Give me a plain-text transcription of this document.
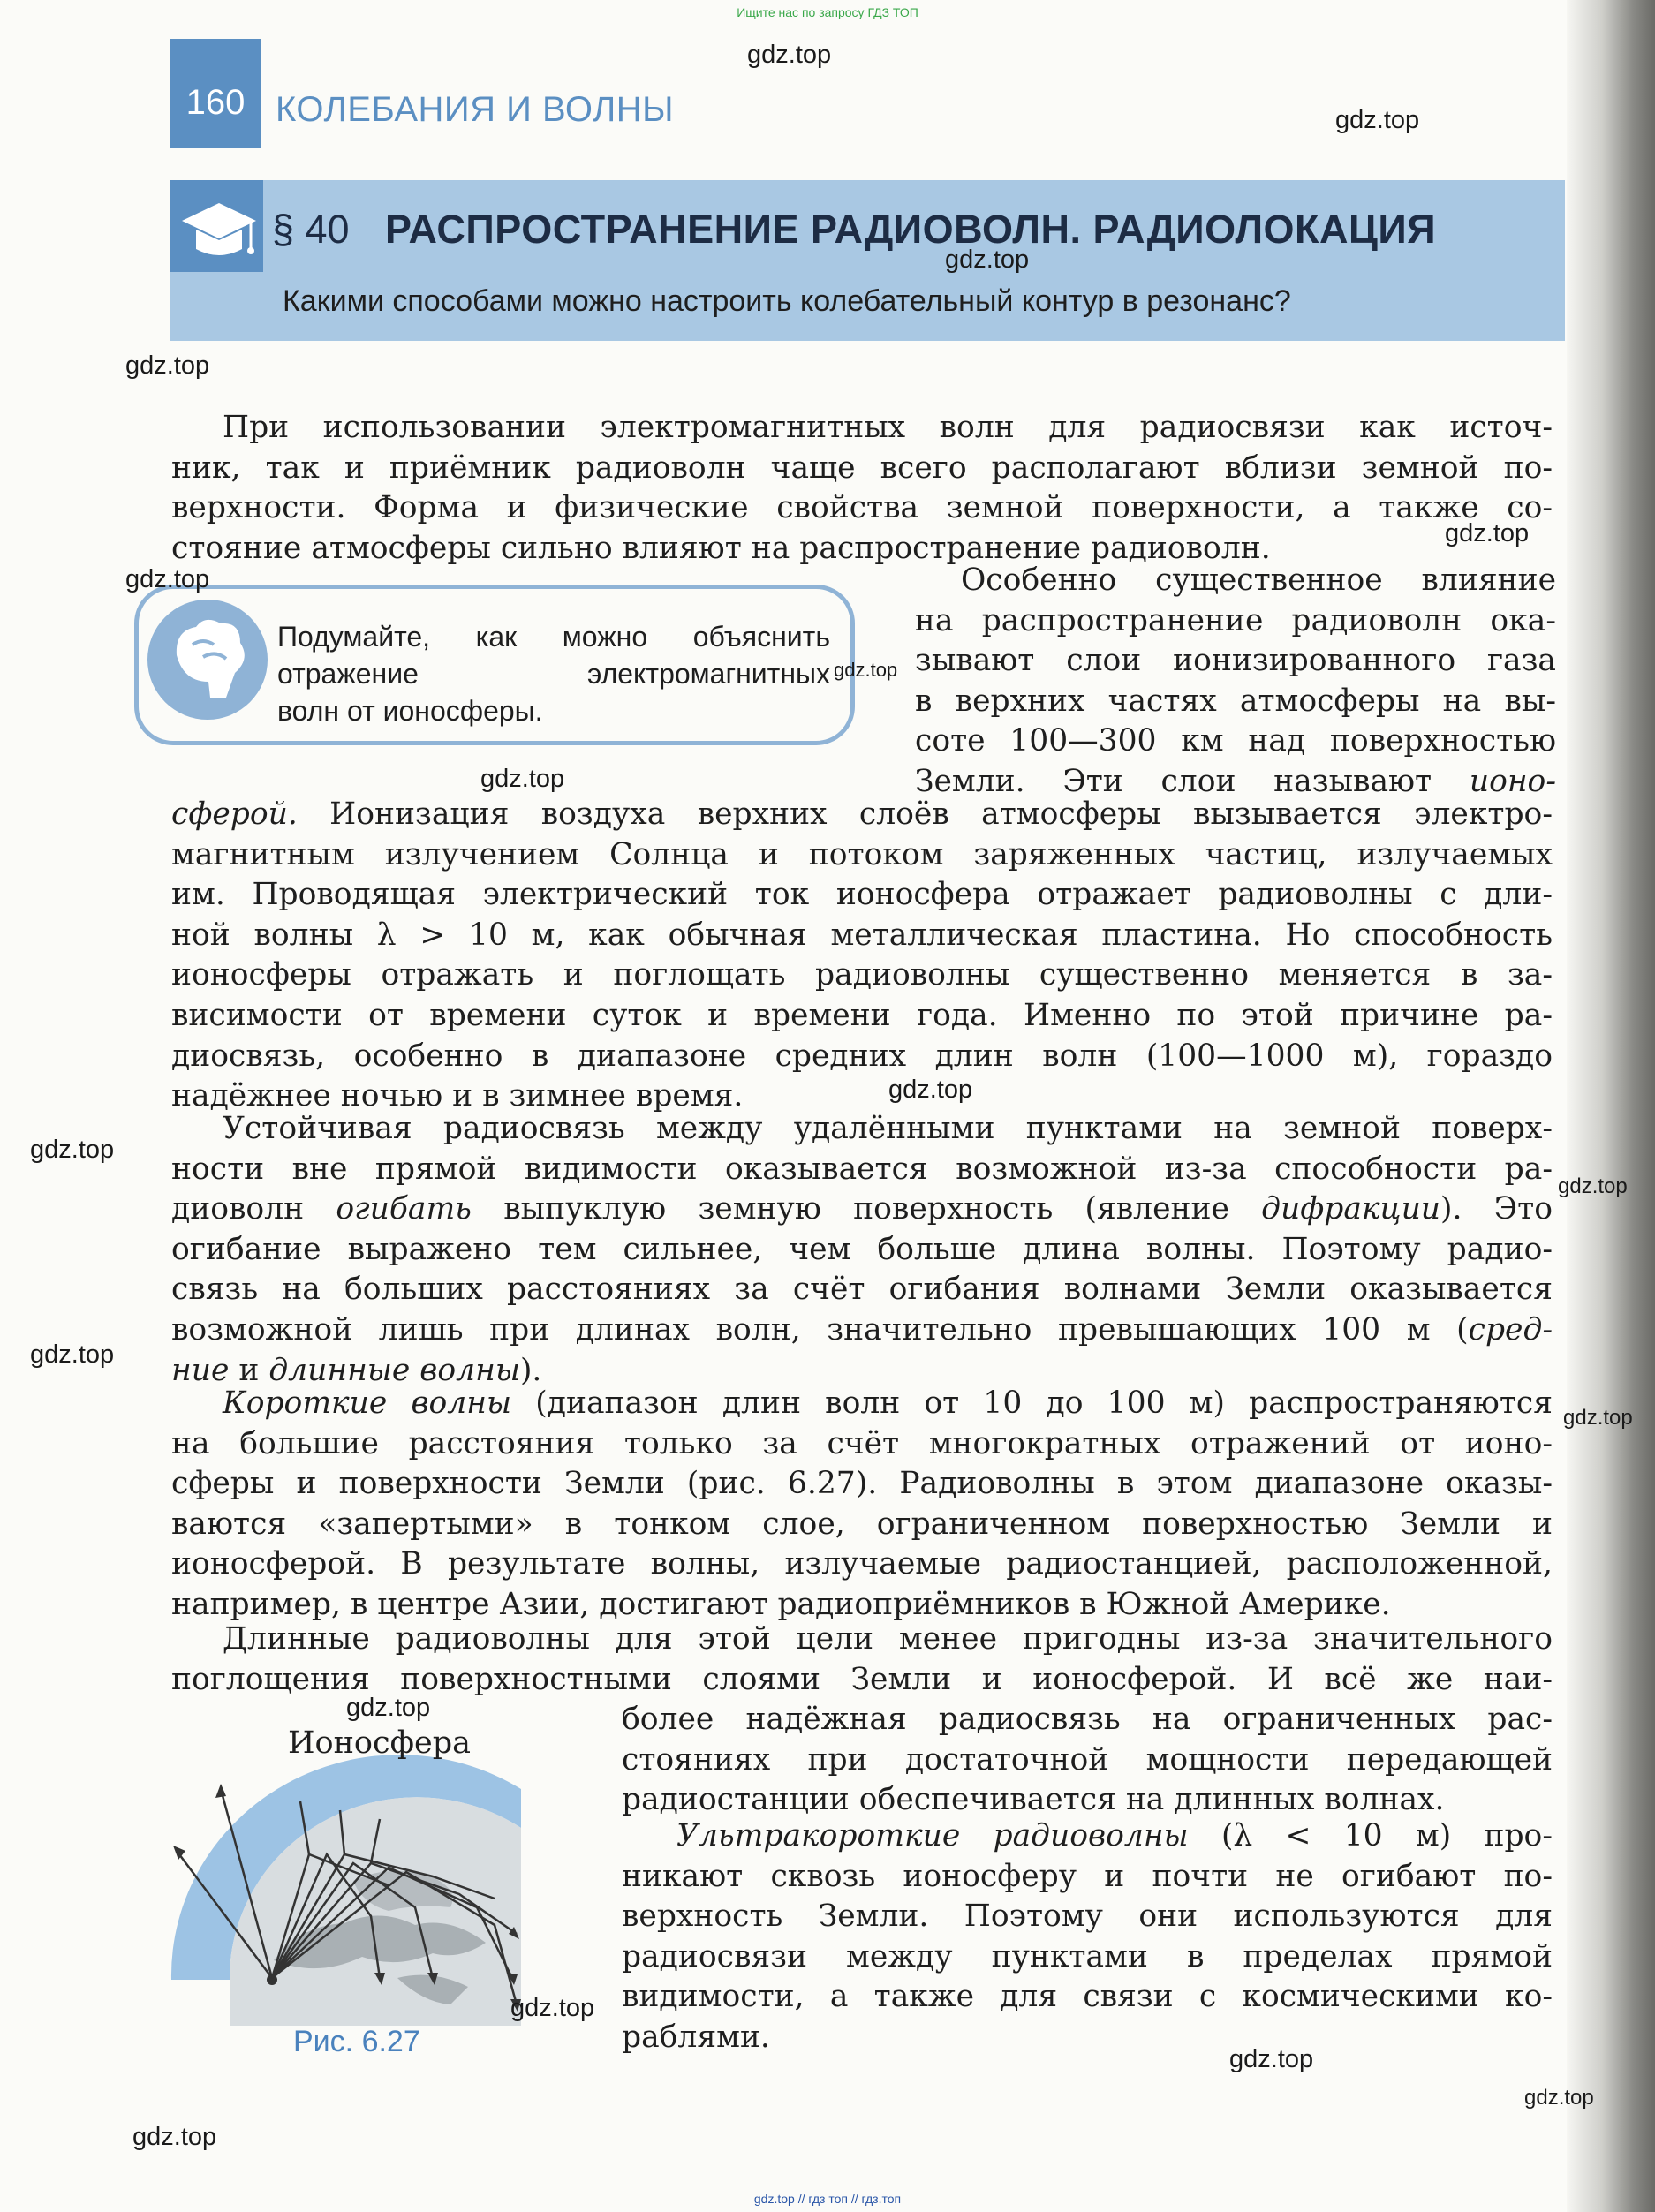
Ищите нас по запросу ГДЗ ТОП
gdz.top // гдз топ // гдз.топ
160 КОЛЕБАНИЯ И ВОЛНЫ
§ 40 РАСПРОСТРАНЕНИЕ РАДИОВОЛН. РАДИОЛОКАЦИЯ
Какими способами можно настроить колебательный контур в резонанс?
При использовании электромагнитных волн для радиосвязи как источ-
ник, так и приёмник радиоволн чаще всего располагают вблизи земной по-
верхности. Форма и физические свойства земной поверхности, а также со-
стояние атмосферы сильно влияют на распространение радиоволн.
Подумайте, как можно объяснить
отражение электромагнитных
волн от ионосферы.
Особенно существенное влияние
на распространение радиоволн ока-
зывают слои ионизированного газа
в верхних частях атмосферы на вы-
соте 100—300 км над поверхностью
Земли. Эти слои называют ионо-
сферой. Ионизация воздуха верхних слоёв атмосферы вызывается электро-
магнитным излучением Солнца и потоком заряженных частиц, излучаемых
им. Проводящая электрический ток ионосфера отражает радиоволны с дли-
ной волны λ > 10 м, как обычная металлическая пластина. Но способность
ионосферы отражать и поглощать радиоволны существенно меняется в за-
висимости от времени суток и времени года. Именно по этой причине ра-
диосвязь, особенно в диапазоне средних длин волн (100—1000 м), гораздо
надёжнее ночью и в зимнее время.
Устойчивая радиосвязь между удалёнными пунктами на земной поверх-
ности вне прямой видимости оказывается возможной из-за способности ра-
диоволн огибать выпуклую земную поверхность (явление дифракции). Это
огибание выражено тем сильнее, чем больше длина волны. Поэтому радио-
связь на больших расстояниях за счёт огибания волнами Земли оказывается
возможной лишь при длинах волн, значительно превышающих 100 м (сред-
ние и длинные волны).
Короткие волны (диапазон длин волн от 10 до 100 м) распространяются
на большие расстояния только за счёт многократных отражений от ионо-
сферы и поверхности Земли (рис. 6.27). Радиоволны в этом диапазоне оказы-
ваются «запертыми» в тонком слое, ограниченном поверхностью Земли и
ионосферой. В результате волны, излучаемые радиостанцией, расположенной,
например, в центре Азии, достигают радиоприёмников в Южной Америке.
Длинные радиоволны для этой цели менее пригодны из-за значительного
поглощения поверхностными слоями Земли и ионосферой. И всё же наи-
более надёжная радиосвязь на ограниченных рас-
стояниях при достаточной мощности передающей
радиостанции обеспечивается на длинных волнах.
Ультракороткие радиоволны (λ < 10 м) про-
никают сквозь ионосферу и почти не огибают по-
верхность Земли. Поэтому они используются для
радиосвязи между пунктами в пределах прямой
видимости, а также для связи с космическими ко-
раблями.
Ионосфера
Рис. 6.27
gdz.top
gdz.top
gdz.top
gdz.top
gdz.top
gdz.top
gdz.top
gdz.top
gdz.top
gdz.top
gdz.top
gdz.top
gdz.top
gdz.top
gdz.top
gdz.top
gdz.top
gdz.top
